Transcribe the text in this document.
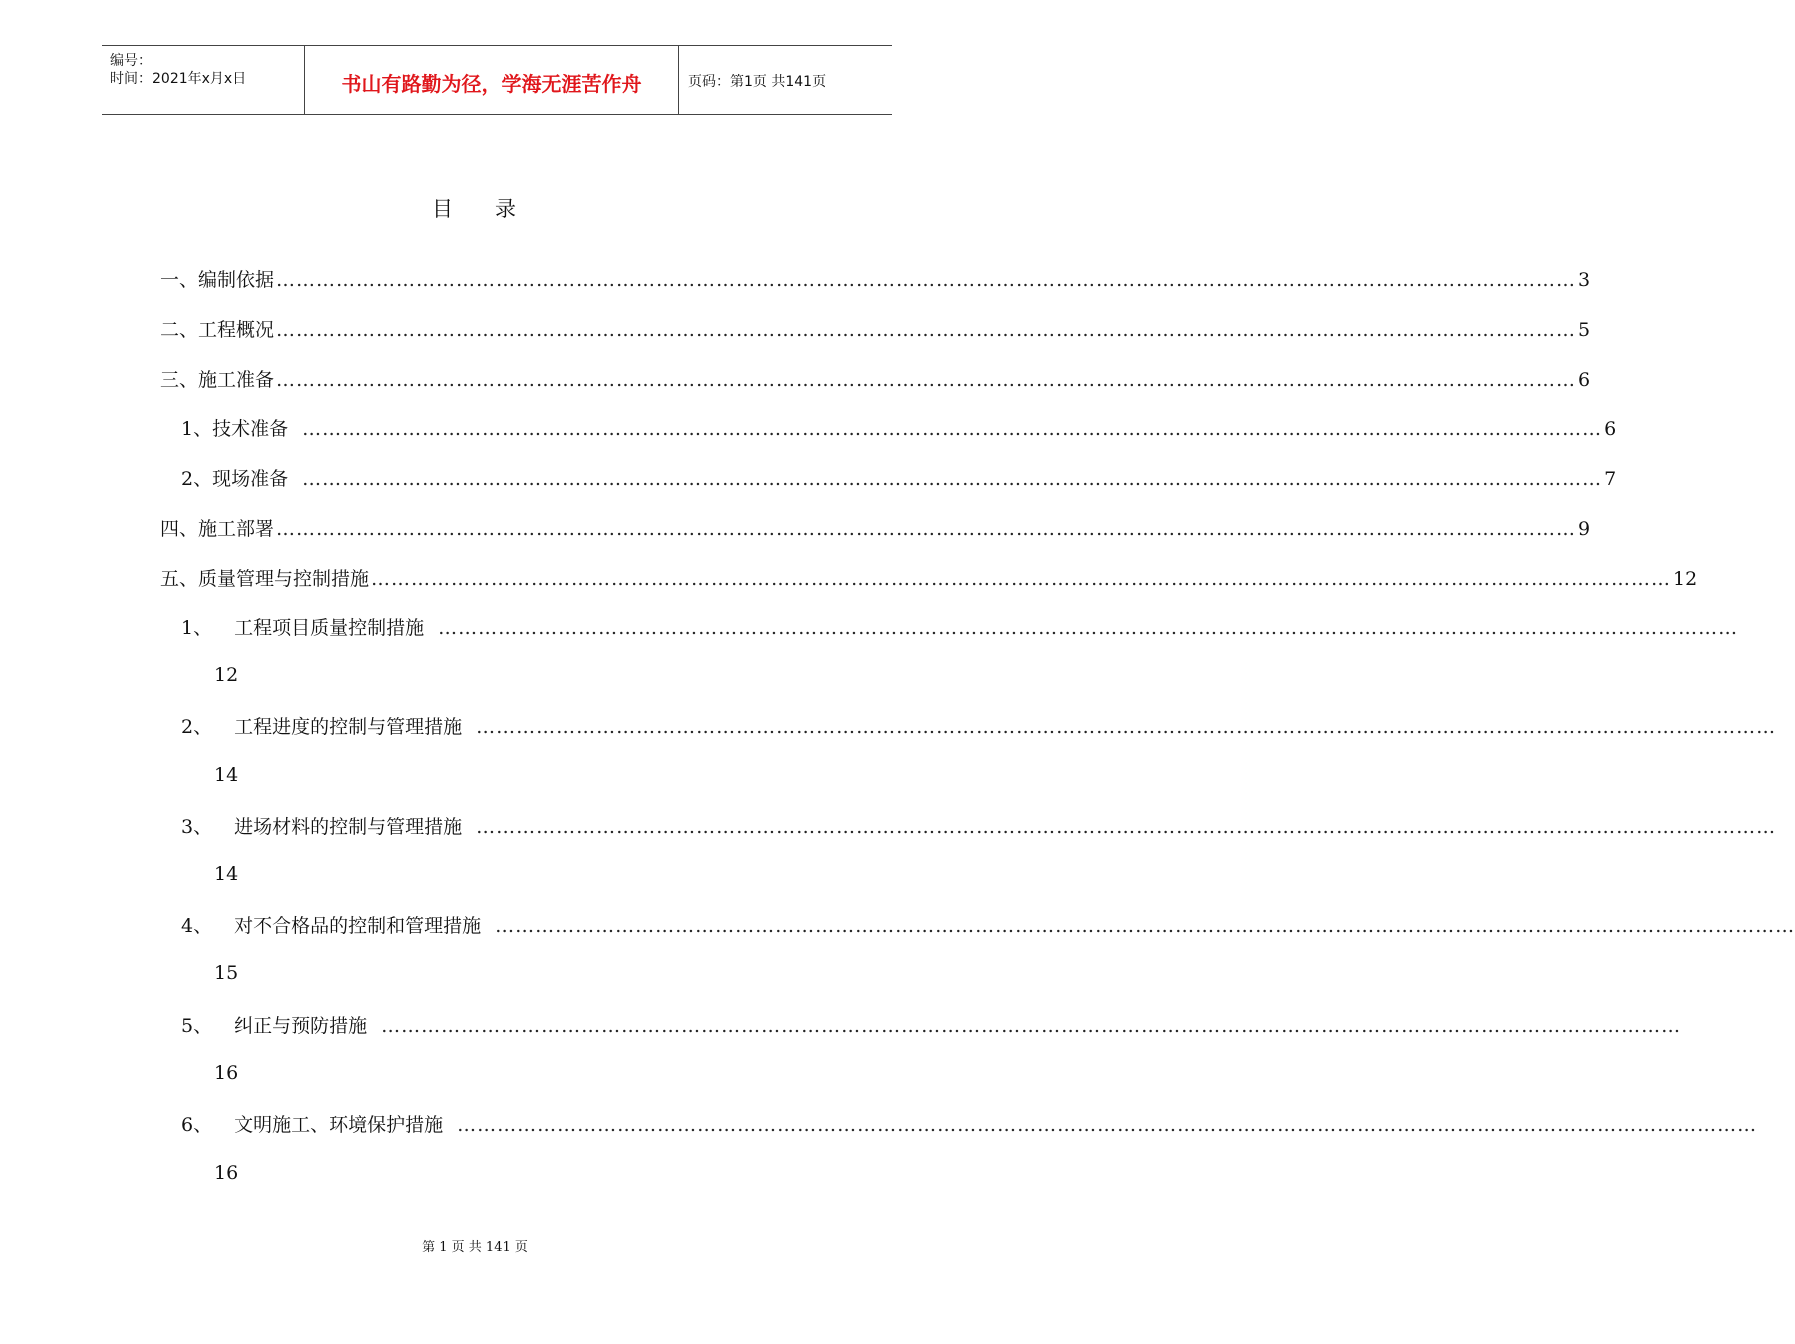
编号：
时间：2021年x月x日	书山有路勤为径，学海无涯苦作舟	页码：第1页 共141页
目 录
一、编制依据 …………………………………………………………………………………………………………………………………………………………………………… 3
二、工程概况 …………………………………………………………………………………………………………………………………………………………………………… 5
三、施工准备 …………………………………………………………………………………………………………………………………………………………………………… 6
1、技术准备 …………………………………………………………………………………………………………………………………………………………………………… 6
2、现场准备 …………………………………………………………………………………………………………………………………………………………………………… 7
四、施工部署 …………………………………………………………………………………………………………………………………………………………………………… 9
五、质量管理与控制措施 …………………………………………………………………………………………………………………………………………………………………………… 12
1、 工程项目质量控制措施 ……………………………………………………………………………………………………………………………………………………………………………
12
2、 工程进度的控制与管理措施 ……………………………………………………………………………………………………………………………………………………………………………
14
3、 进场材料的控制与管理措施 ……………………………………………………………………………………………………………………………………………………………………………
14
4、 对不合格品的控制和管理措施 ……………………………………………………………………………………………………………………………………………………………………………
15
5、 纠正与预防措施 ……………………………………………………………………………………………………………………………………………………………………………
16
6、 文明施工、环境保护措施 ……………………………………………………………………………………………………………………………………………………………………………
16
第 1 页 共 141 页
